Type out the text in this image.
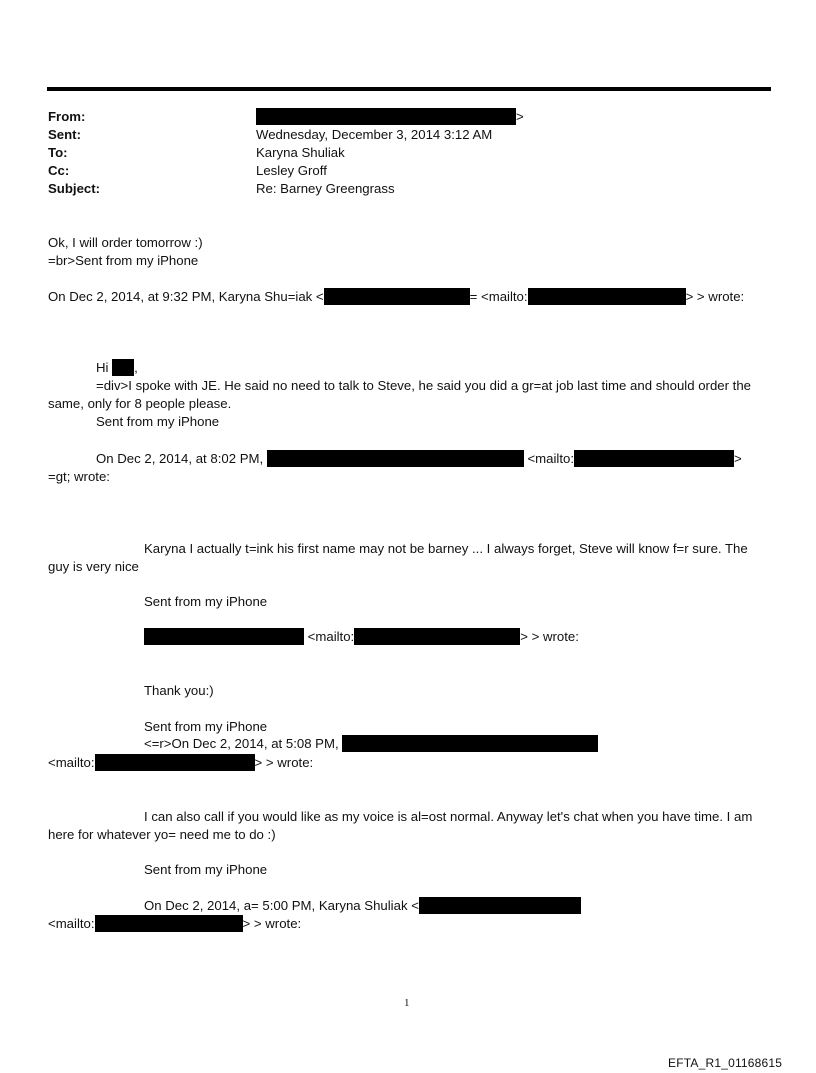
From:	>
Sent:	Wednesday, December 3, 2014 3:12 AM
To:	Karyna Shuliak
Cc:	Lesley Groff
Subject:	Re: Barney Greengrass
Ok, I will order tomorrow :)
=br>Sent from my iPhone
On Dec 2, 2014, at 9:32 PM, Karyna Shu=iak <	= <mailto:	> > wrote:
Hi ,
=div>I spoke with JE. He said no need to talk to Steve, he said you did a gr=at job last time and should order the
same, only for 8 people please.
Sent from my iPhone
On Dec 2, 2014, at 8:02 PM,	<mailto:	>
=gt; wrote:
Karyna I actually t=ink his first name may not be barney ... I always forget, Steve will know f=r sure. The
guy is very nice
Sent from my iPhone
<mailto:	> > wrote:
Thank you:)
Sent from my iPhone
<=r>On Dec 2, 2014, at 5:08 PM,
<mailto:	> > wrote:
I can also call if you would like as my voice is al=ost normal. Anyway let's chat when you have time. I am
here for whatever yo= need me to do :)
Sent from my iPhone
On Dec 2, 2014, a= 5:00 PM, Karyna Shuliak <
<mailto:	> > wrote:
1
EFTA_R1_01168615
